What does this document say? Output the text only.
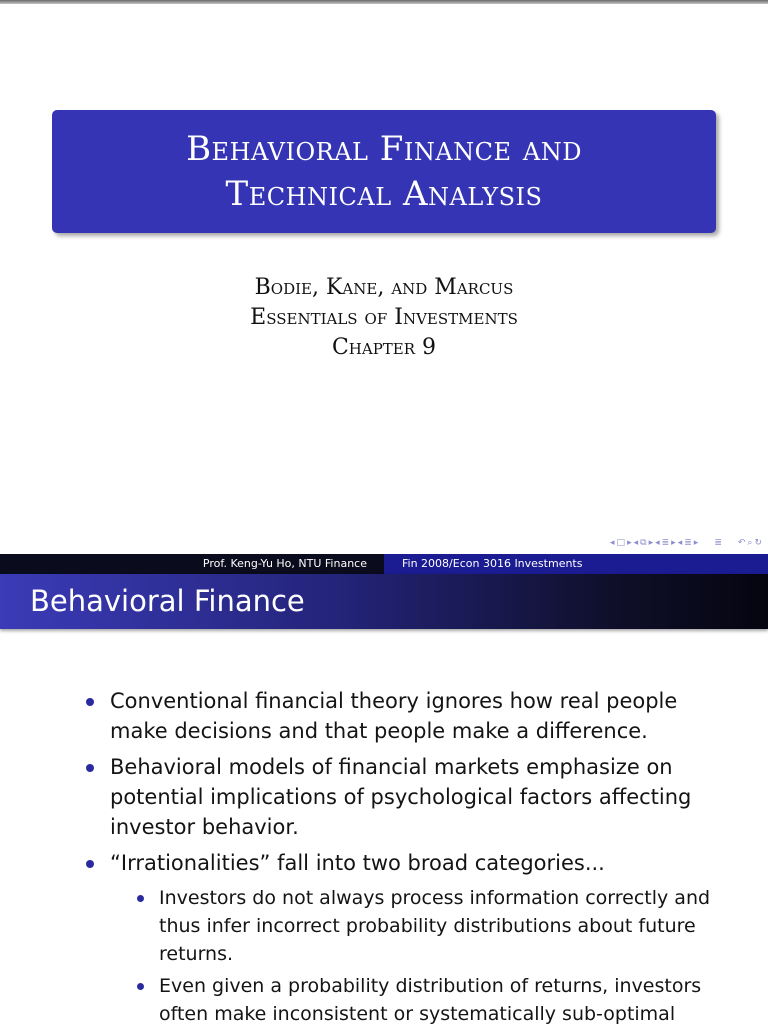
Behavioral Finance and
Technical Analysis
Bodie, Kane, and Marcus
Essentials of Investments
Chapter 9
◂ □ ▸ ◂ ⧉ ▸ ◂ ≣ ▸ ◂ ≣ ▸ ≣ ↶ ⌕ ↻
Prof. Keng-Yu Ho, NTU Finance	Fin 2008/Econ 3016 Investments
Behavioral Finance
Conventional financial theory ignores how real people make decisions and that people make a difference.
Behavioral models of financial markets emphasize on potential implications of psychological factors affecting investor behavior.
“Irrationalities” fall into two broad categories...
Investors do not always process information correctly and thus infer incorrect probability distributions about future returns.
Even given a probability distribution of returns, investors often make inconsistent or systematically sub-optimal
